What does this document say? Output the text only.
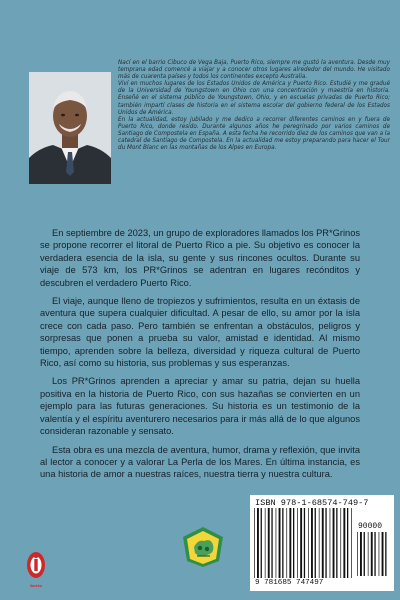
Nací en el barrio Cibuco de Vega Baja, Puerto Rico, siempre me gustó la aventura. Desde muy temprana edad comencé a viajar y a conocer otros lugares alrededor del mundo. He visitado más de cuarenta países y todos los continentes excepto Australia.

Viví en muchos lugares de los Estados Unidos de América y Puerto Rico. Estudié y me gradué de la Universidad de Youngstown en Ohio con una concentración y maestría en historia. Enseñé en el sistema público de Youngstown, Ohio, y en escuelas privadas de Puerto Rico; también impartí clases de historia en el sistema escolar del gobierno federal de los Estados Unidos de América.

En la actualidad, estoy jubilado y me dedico a recorrer diferentes caminos en y fuera de Puerto Rico, donde resido. Durante algunos años he peregrinado por varios caminos de Santiago de Compostela en España. A esta fecha he recorrido diez de los caminos que van a la catedral de Santiago de Compostela. En la actualidad me estoy preparando para hacer el Tour du Mont Blanc en las montañas de los Alpes en Europa.

En septiembre de 2023, un grupo de exploradores llamados los PR*Grinos se propone recorrer el litoral de Puerto Rico a pie. Su objetivo es conocer la verdadera esencia de la isla, su gente y sus rincones ocultos. Durante su viaje de 573 km, los PR*Grinos se adentran en lugares recónditos y descubren el verdadero Puerto Rico.

El viaje, aunque lleno de tropiezos y sufrimientos, resulta en un éxtasis de aventura que supera cualquier dificultad. A pesar de ello, su amor por la isla crece con cada paso. Pero también se enfrentan a obstáculos, peligros y sorpresas que ponen a prueba su valor, amistad e identidad. Al mismo tiempo, aprenden sobre la belleza, diversidad y riqueza cultural de Puerto Rico, así como su historia, sus problemas y sus esperanzas.

Los PR*Grinos aprenden a apreciar y amar su patria, dejan su huella positiva en la historia de Puerto Rico, con sus hazañas se convierten en un ejemplo para las futuras generaciones. Su historia es un testimonio de la valentía y el espíritu aventurero necesarios para ir más allá de lo que algunos consideran razonable y sensato.

Esta obra es una mezcla de aventura, humor, drama y reflexión, que invita al lector a conocer y a valorar La Perla de los Mares. En última instancia, es una historia de amor a nuestras raíces, nuestra tierra y nuestra cultura.

ibukku
ISBN 978-1-68574-749-7
90000
9 781685 747497
